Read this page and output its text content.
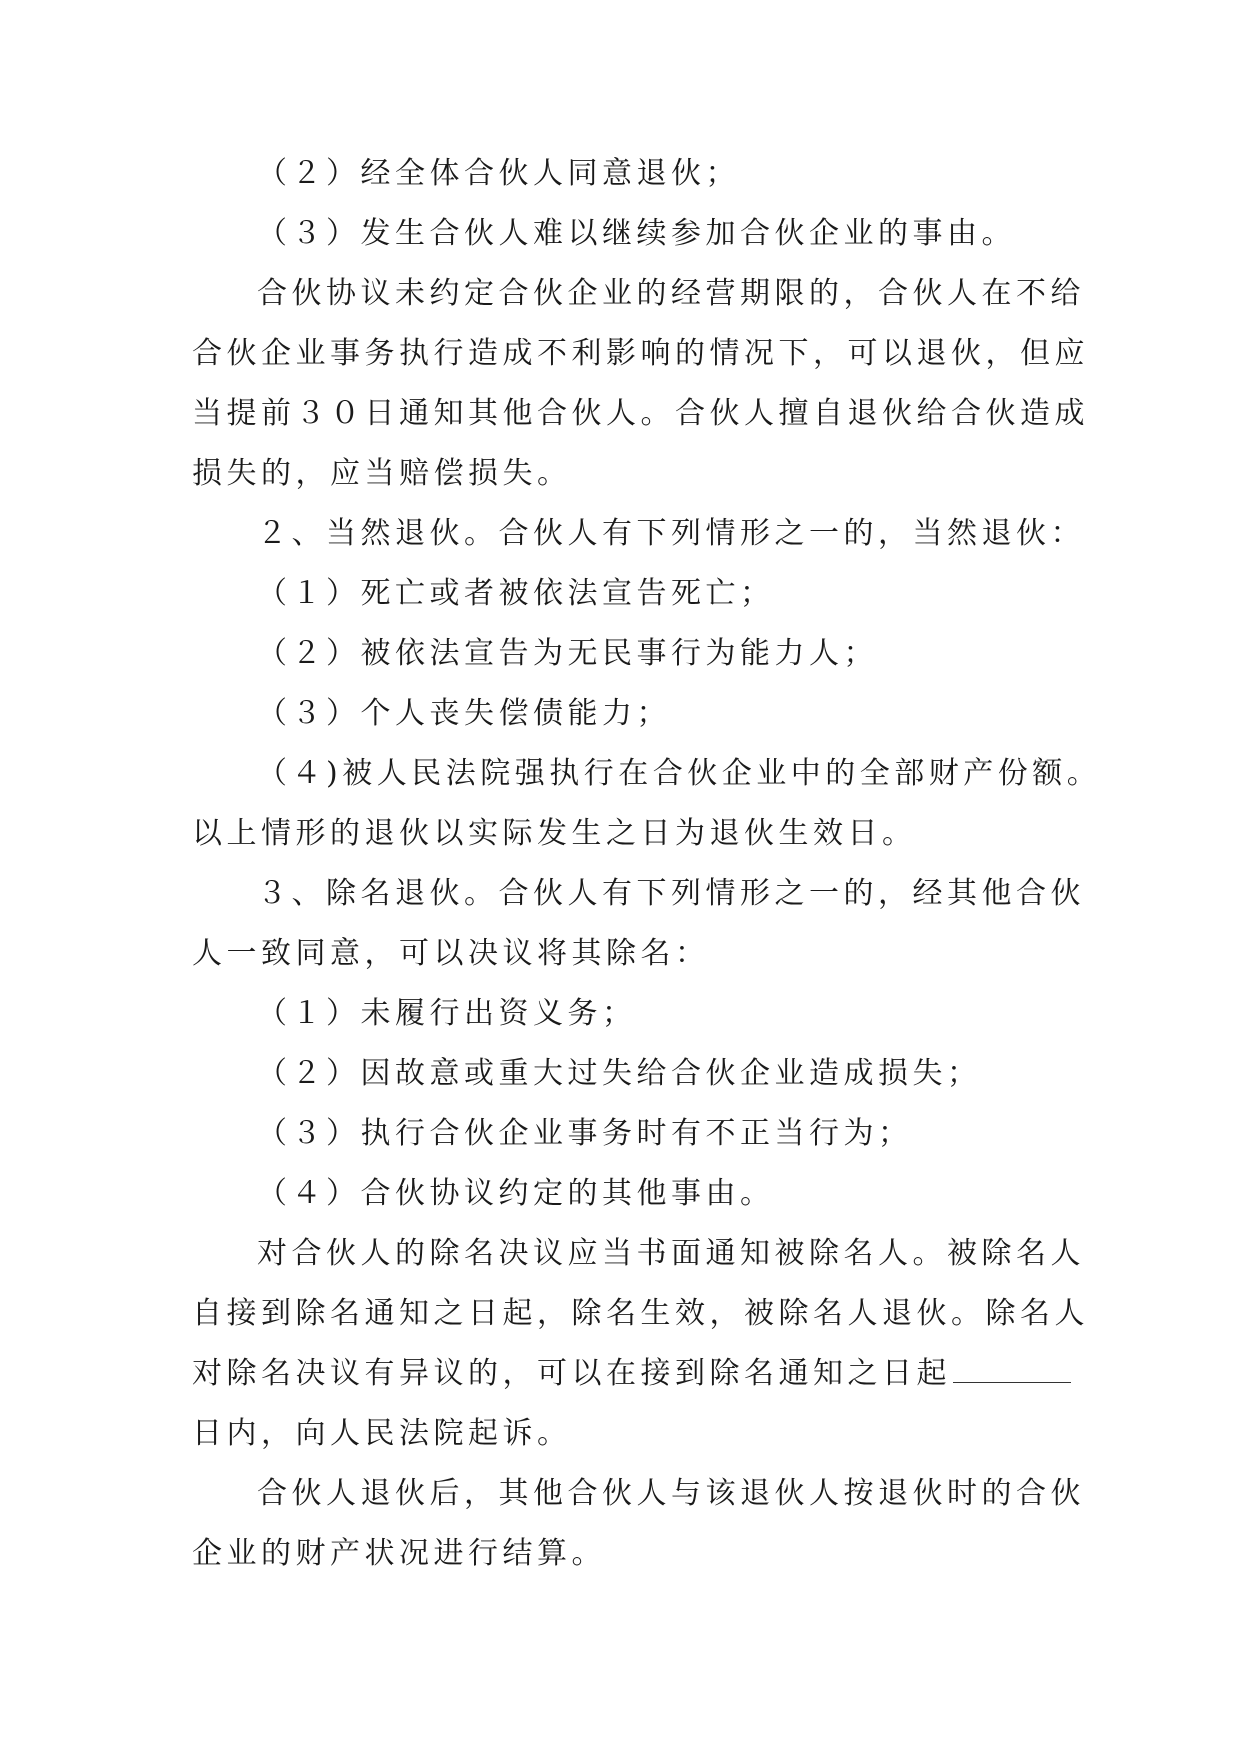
（２）经全体合伙人同意退伙；
（３）发生合伙人难以继续参加合伙企业的事由。
合伙协议未约定合伙企业的经营期限的，合伙人在不给
合伙企业事务执行造成不利影响的情况下，可以退伙，但应
当提前３０日通知其他合伙人。合伙人擅自退伙给合伙造成
损失的，应当赔偿损失。
２、当然退伙。合伙人有下列情形之一的，当然退伙：
（１）死亡或者被依法宣告死亡；
（２）被依法宣告为无民事行为能力人；
（３）个人丧失偿债能力；
（４)被人民法院强执行在合伙企业中的全部财产份额。
以上情形的退伙以实际发生之日为退伙生效日。
３、除名退伙。合伙人有下列情形之一的，经其他合伙
人一致同意，可以决议将其除名：
（１）未履行出资义务；
（２）因故意或重大过失给合伙企业造成损失；
（３）执行合伙企业事务时有不正当行为；
（４）合伙协议约定的其他事由。
对合伙人的除名决议应当书面通知被除名人。被除名人
自接到除名通知之日起，除名生效，被除名人退伙。除名人
对除名决议有异议的，可以在接到除名通知之日起
日内，向人民法院起诉。
合伙人退伙后，其他合伙人与该退伙人按退伙时的合伙
企业的财产状况进行结算。
